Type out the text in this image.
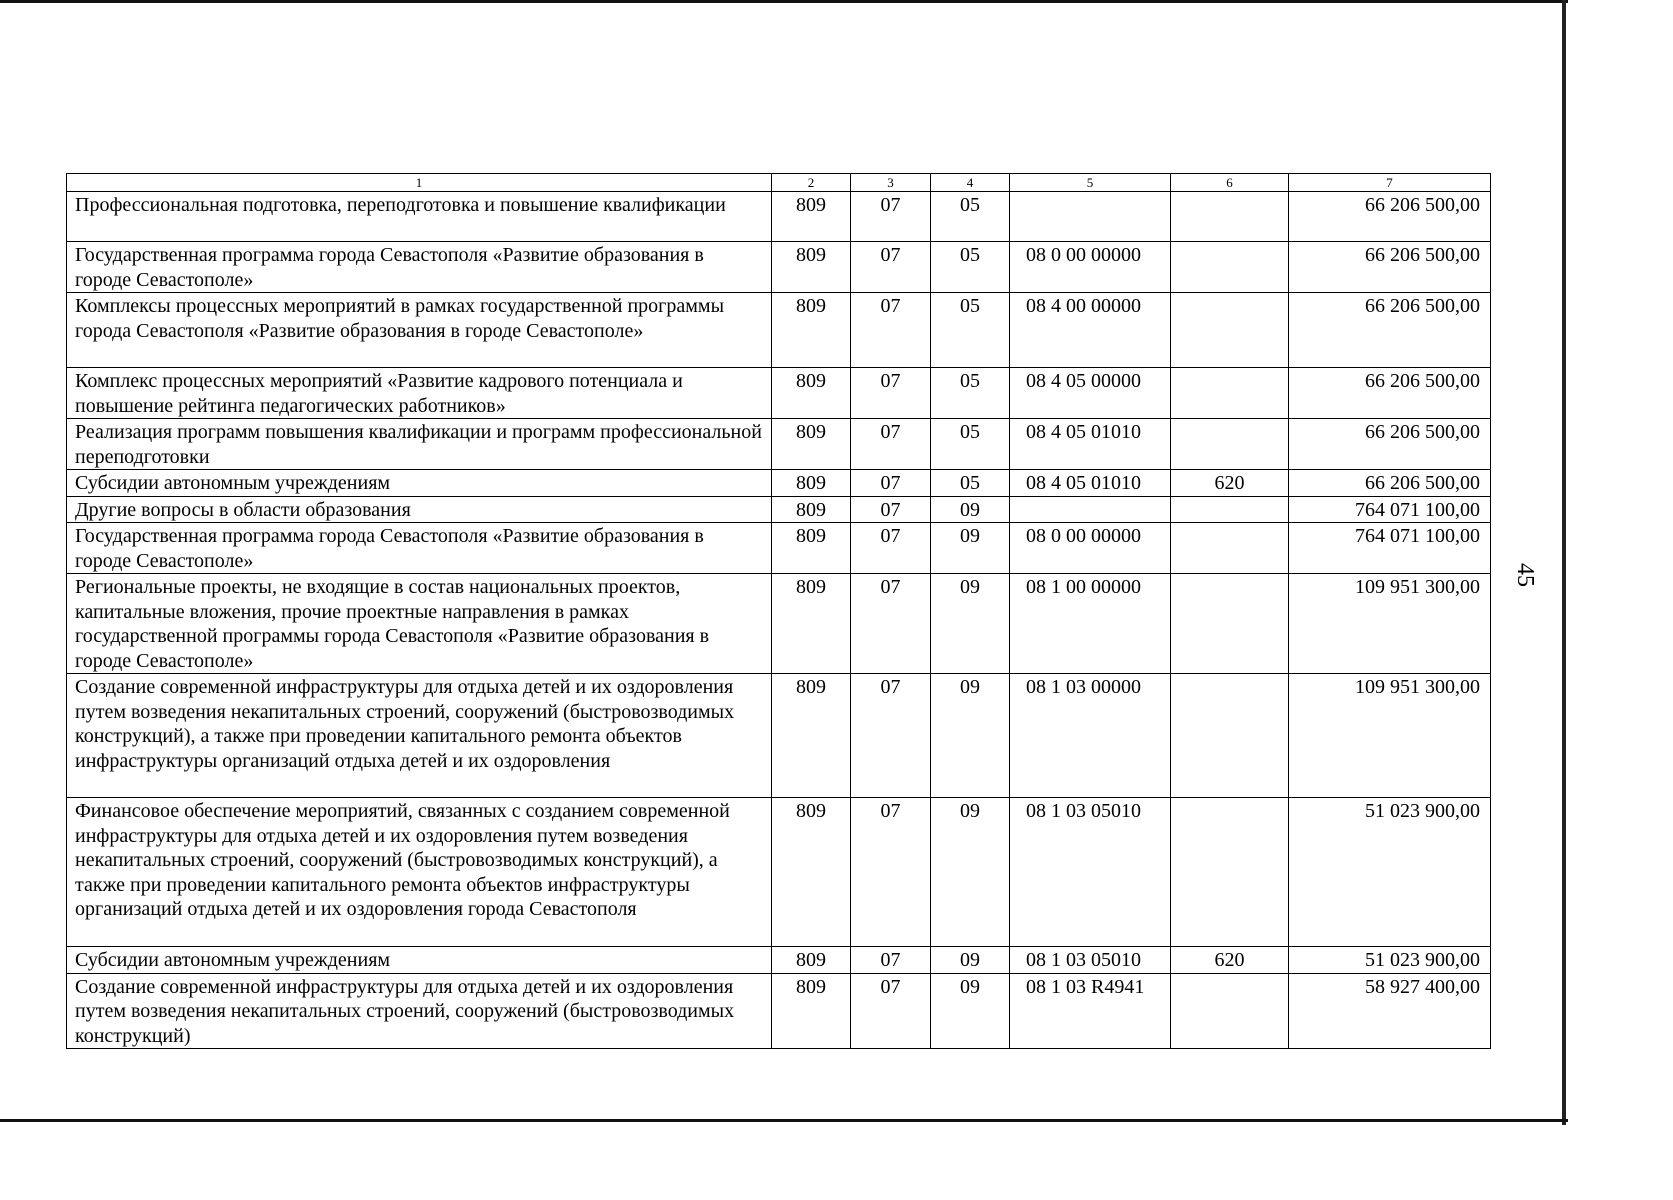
1	2	3	4	5	6	7
Профессиональная подготовка, переподготовка и повышение квалификации	809	07	05			66 206 500,00
Государственная программа города Севастополя «Развитие образования в городе Севастополе»	809	07	05	08 0 00 00000		66 206 500,00
Комплексы процессных мероприятий в рамках государственной программы города Севастополя «Развитие образования в городе Севастополе»	809	07	05	08 4 00 00000		66 206 500,00
Комплекс процессных мероприятий «Развитие кадрового потенциала и повышение рейтинга педагогических работников»	809	07	05	08 4 05 00000		66 206 500,00
Реализация программ повышения квалификации и программ профессиональной переподготовки	809	07	05	08 4 05 01010		66 206 500,00
Субсидии автономным учреждениям	809	07	05	08 4 05 01010	620	66 206 500,00
Другие вопросы в области образования	809	07	09			764 071 100,00
Государственная программа города Севастополя «Развитие образования в городе Севастополе»	809	07	09	08 0 00 00000		764 071 100,00
Региональные проекты, не входящие в состав национальных проектов, капитальные вложения, прочие проектные направления в рамках государственной программы города Севастополя «Развитие образования в городе Севастополе»	809	07	09	08 1 00 00000		109 951 300,00
Создание современной инфраструктуры для отдыха детей и их оздоровления путем возведения некапитальных строений, сооружений (быстровозводимых конструкций), а также при проведении капитального ремонта объектов инфраструктуры организаций отдыха детей и их оздоровления	809	07	09	08 1 03 00000		109 951 300,00
Финансовое обеспечение мероприятий, связанных с созданием современной инфраструктуры для отдыха детей и их оздоровления путем возведения некапитальных строений, сооружений (быстровозводимых конструкций), а также при проведении капитального ремонта объектов инфраструктуры организаций отдыха детей и их оздоровления города Севастополя	809	07	09	08 1 03 05010		51 023 900,00
Субсидии автономным учреждениям	809	07	09	08 1 03 05010	620	51 023 900,00
Создание современной инфраструктуры для отдыха детей и их оздоровления путем возведения некапитальных строений, сооружений (быстровозводимых конструкций)	809	07	09	08 1 03 R4941		58 927 400,00
45
